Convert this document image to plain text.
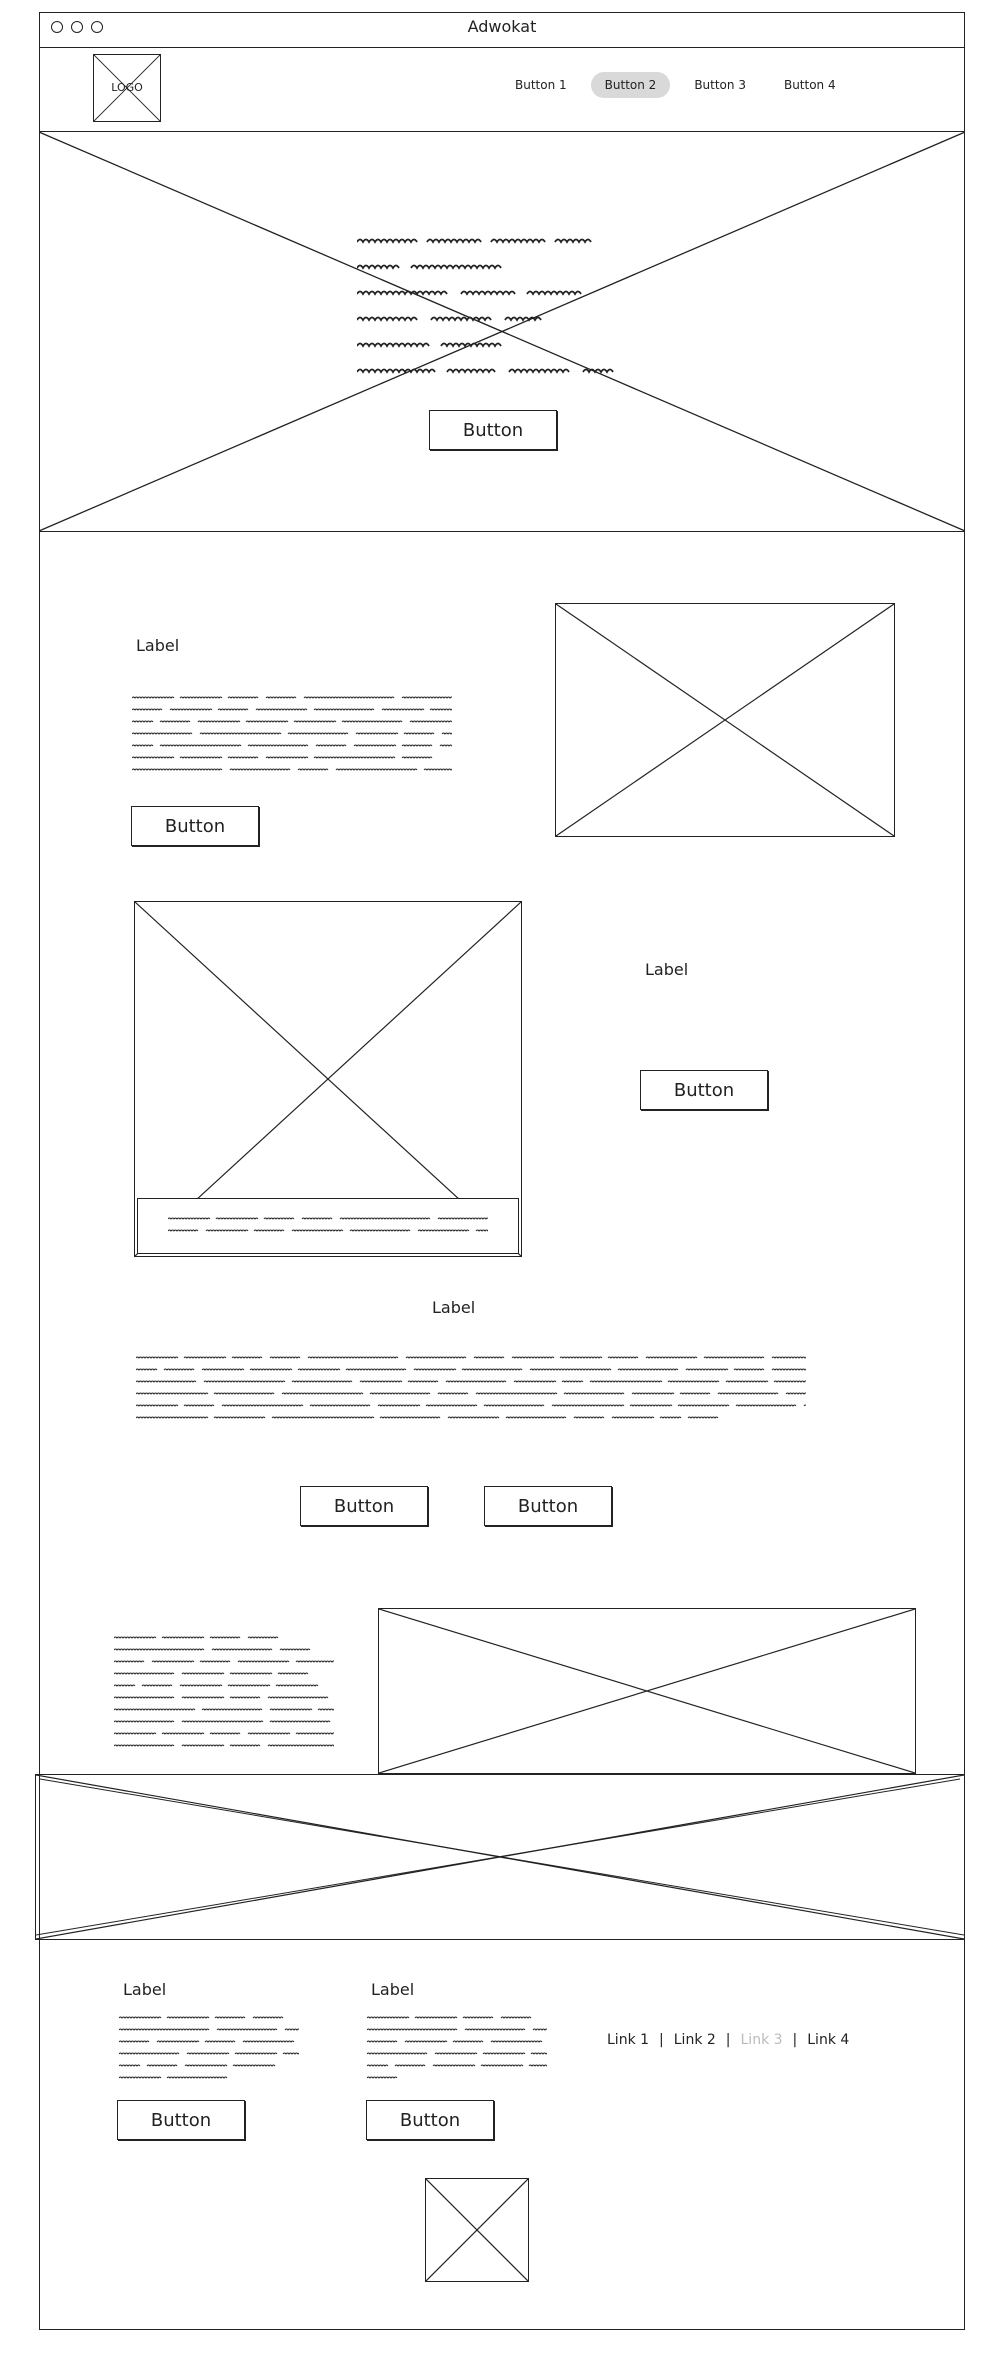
Adwokat
LOGO	Button 1	Button 2	Button 3	Button 4
Button
Label
Button
Label
Button
Label
Button	Button
Label
Button
Label
Button
Link 1 | Link 2 | Link 3 | Link 4
